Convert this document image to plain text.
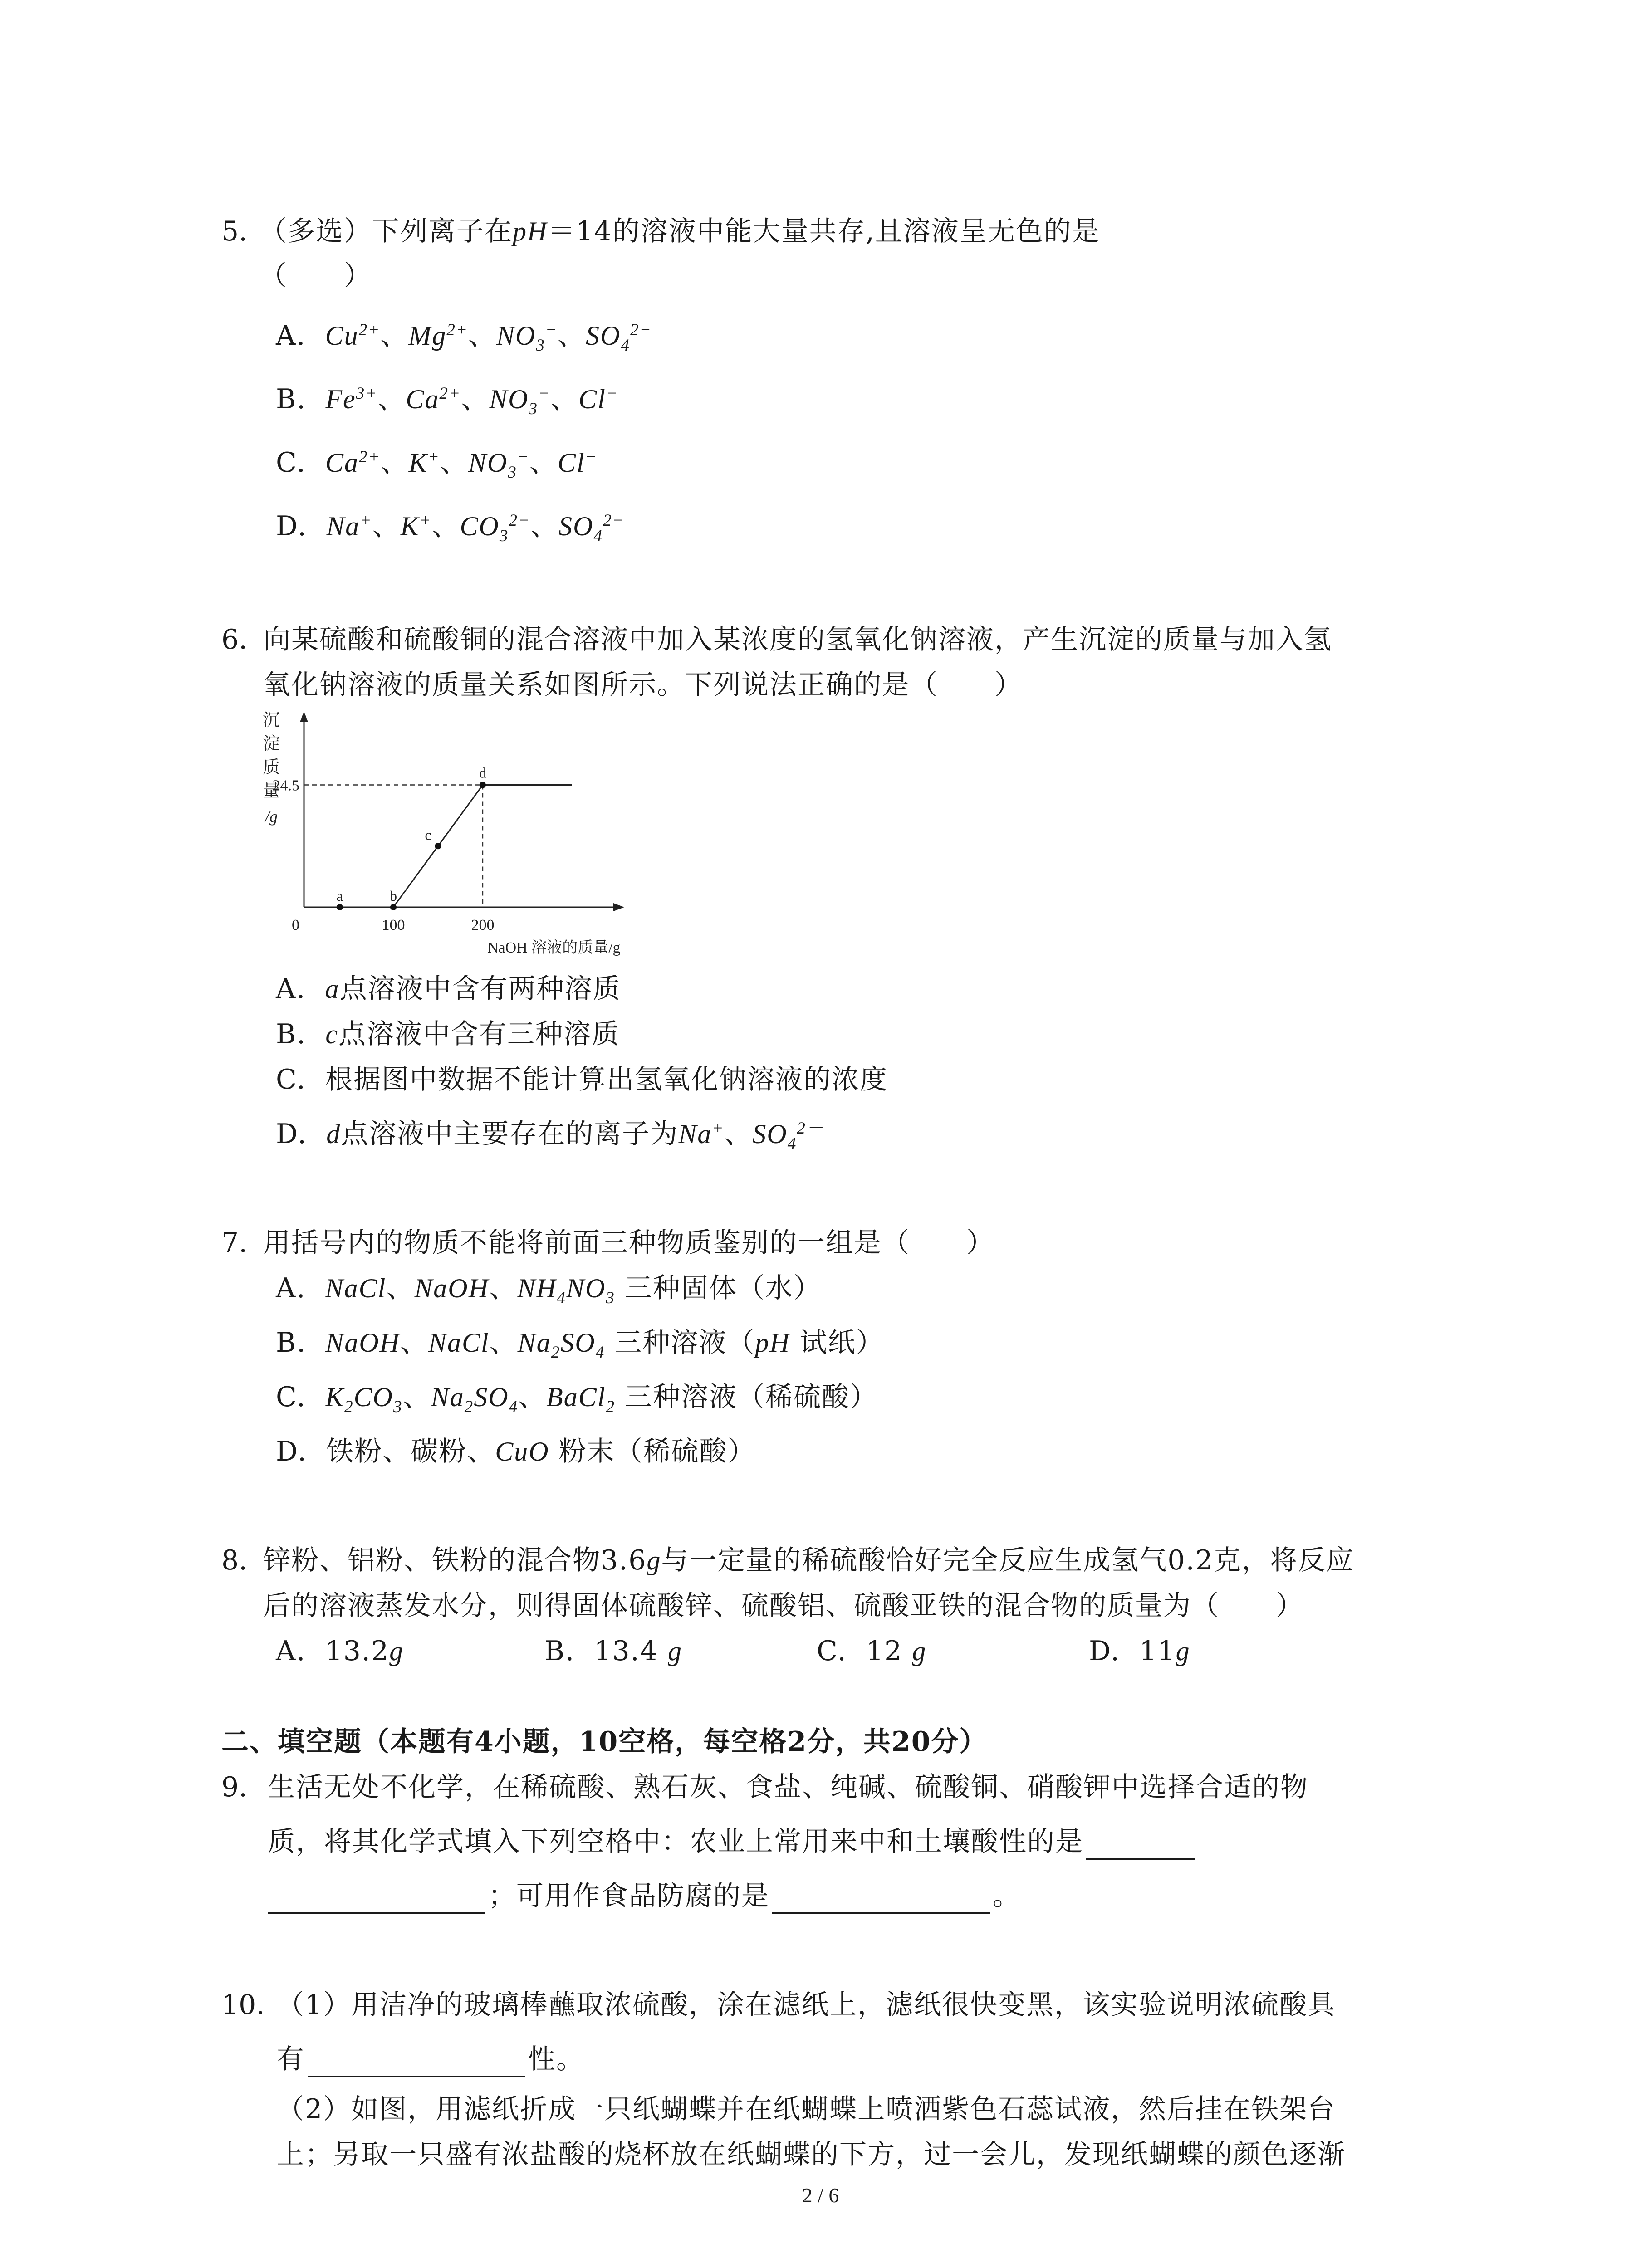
5. （多选）下列离子在pH＝14的溶液中能大量共存,且溶液呈无色的是
（　　）
A. $Cu^{2+}$、$Mg^{2+}$、$NO_3^-$、$SO_4^{2-}$
B. $Fe^{3+}$、$Ca^{2+}$、$NO_3^-$、Cl−
C. $Ca^{2+}$、K+、$NO_3^-$、Cl−
D. Na+、K+、$CO_3^{2-}$、$SO_4^{2-}$
6. 向某硫酸和硫酸铜的混合溶液中加入某浓度的氢氧化钠溶液，产生沉淀的质量与加入氢
氧化钠溶液的质量关系如图所示。下列说法正确的是（　　）
沉
淀
质
量
/g
0	100	200
24.5
a	b
c
d
NaOH 溶液的质量/g
A. a点溶液中含有两种溶质
B. c点溶液中含有三种溶质
C. 根据图中数据不能计算出氢氧化钠溶液的浓度
D. d点溶液中主要存在的离子为Na+、$SO_4^{2-}$
7. 用括号内的物质不能将前面三种物质鉴别的一组是（　　）
A. NaCl、NaOH、$NH_4NO_3$ 三种固体（水）
B. NaOH、NaCl、$Na_2SO_4$ 三种溶液（pH 试纸）
C. $K_2CO_3$、$Na_2SO_4$、BaCl$_2$ 三种溶液（稀硫酸）
D. 铁粉、碳粉、CuO 粉末（稀硫酸）
8. 锌粉、铝粉、铁粉的混合物3.6g与一定量的稀硫酸恰好完全反应生成氢气0.2克，将反应
后的溶液蒸发水分，则得固体硫酸锌、硫酸铝、硫酸亚铁的混合物的质量为（　　）
A. 13.2g	B. 13.4 g	C. 12 g	D. 11g
二、填空题（本题有4小题，10空格，每空格2分，共20分）
9. 生活无处不化学，在稀硫酸、熟石灰、食盐、纯碱、硫酸铜、硝酸钾中选择合适的物
质，将其化学式填入下列空格中：农业上常用来中和土壤酸性的是
；可用作食品防腐的是	。
10. （1）用洁净的玻璃棒蘸取浓硫酸，涂在滤纸上，滤纸很快变黑，该实验说明浓硫酸具
有	性。
（2）如图，用滤纸折成一只纸蝴蝶并在纸蝴蝶上喷洒紫色石蕊试液，然后挂在铁架台
上；另取一只盛有浓盐酸的烧杯放在纸蝴蝶的下方，过一会儿，发现纸蝴蝶的颜色逐渐
2 / 6
